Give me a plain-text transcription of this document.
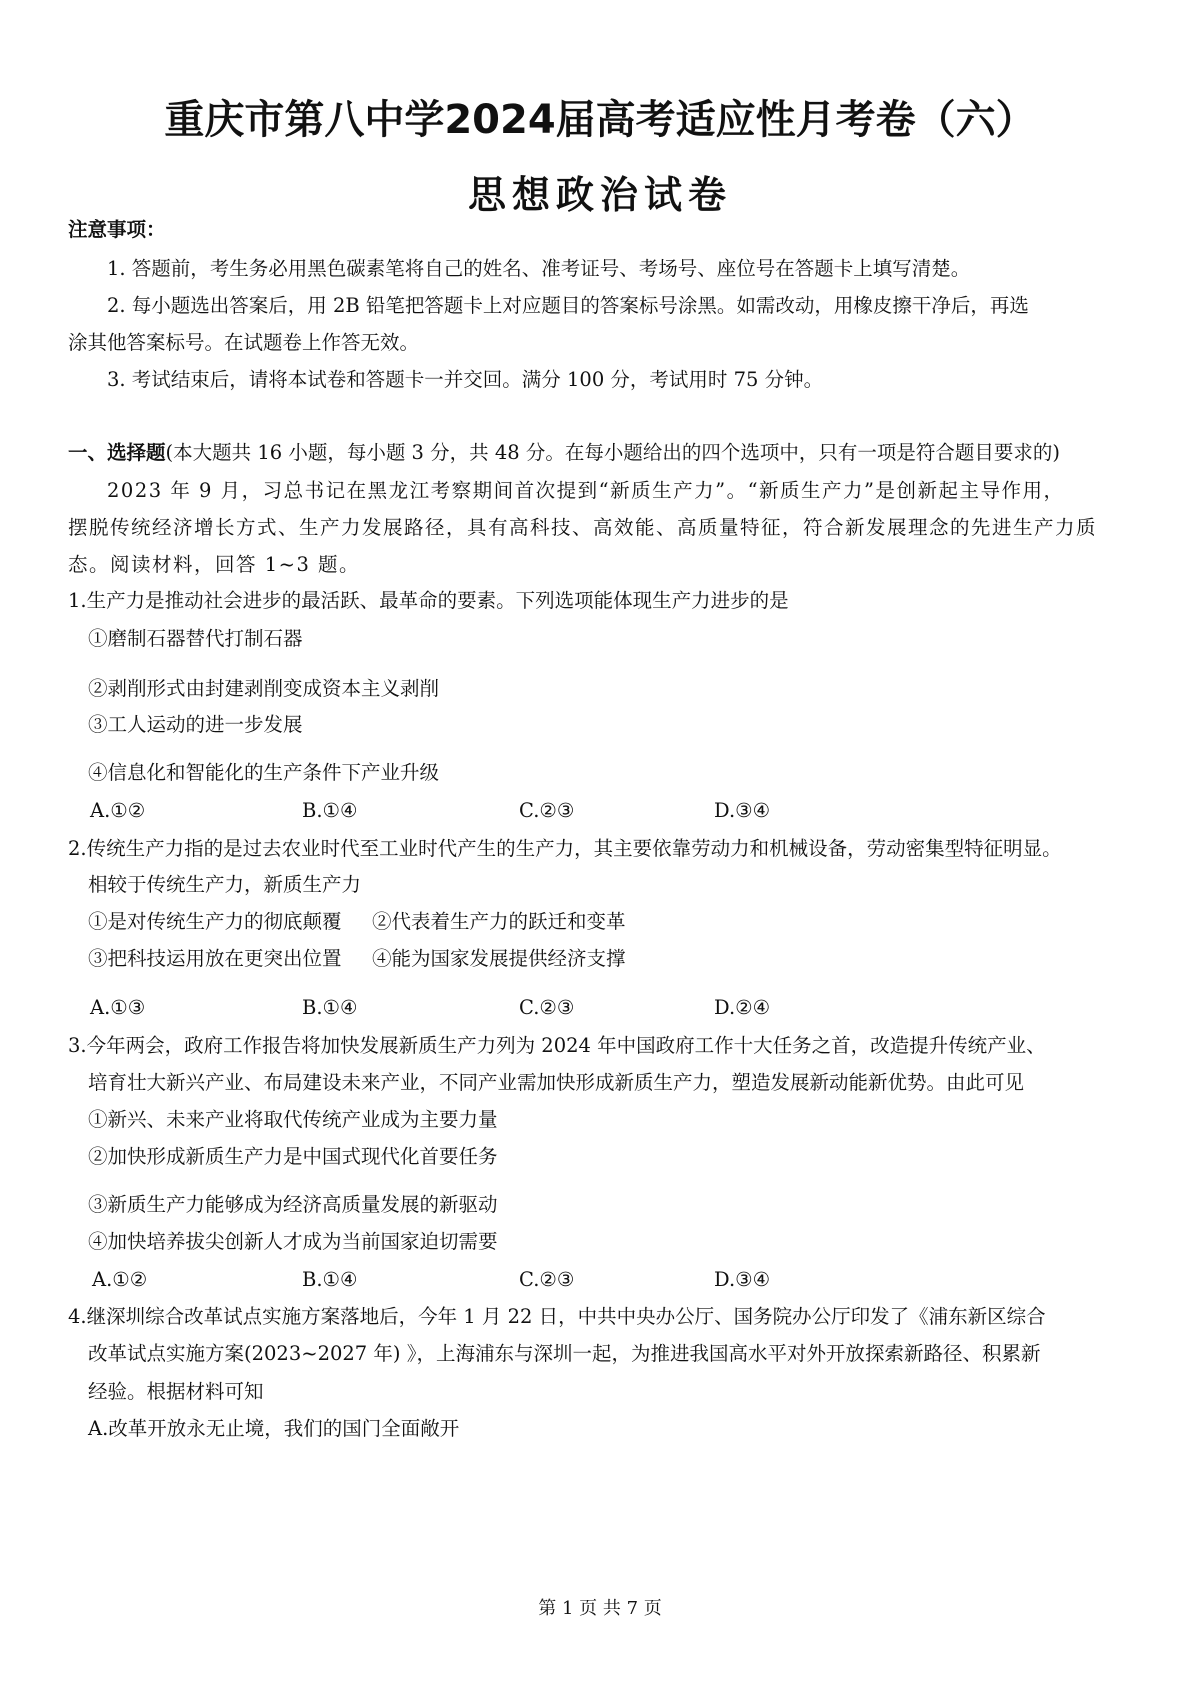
重庆市第八中学2024届高考适应性月考卷（六）
思想政治试卷
注意事项：
1. 答题前，考生务必用黑色碳素笔将自己的姓名、准考证号、考场号、座位号在答题卡上填写清楚。
2. 每小题选出答案后，用 2B 铅笔把答题卡上对应题目的答案标号涂黑。如需改动，用橡皮擦干净后，再选
涂其他答案标号。在试题卷上作答无效。
3. 考试结束后，请将本试卷和答题卡一并交回。满分 100 分，考试用时 75 分钟。
一、选择题(本大题共 16 小题，每小题 3 分，共 48 分。在每小题给出的四个选项中，只有一项是符合题目要求的)
2023 年 9 月，习总书记在黑龙江考察期间首次提到“新质生产力”。“新质生产力”是创新起主导作用，
摆脱传统经济增长方式、生产力发展路径，具有高科技、高效能、高质量特征，符合新发展理念的先进生产力质
态。阅读材料，回答 1~3 题。
1.生产力是推动社会进步的最活跃、最革命的要素。下列选项能体现生产力进步的是
①磨制石器替代打制石器
②剥削形式由封建剥削变成资本主义剥削
③工人运动的进一步发展
④信息化和智能化的生产条件下产业升级
A.①②	B.①④	C.②③	D.③④
2.传统生产力指的是过去农业时代至工业时代产生的生产力，其主要依靠劳动力和机械设备，劳动密集型特征明显。
相较于传统生产力，新质生产力
①是对传统生产力的彻底颠覆 ②代表着生产力的跃迁和变革
③把科技运用放在更突出位置 ④能为国家发展提供经济支撑
A.①③	B.①④	C.②③	D.②④
3.今年两会，政府工作报告将加快发展新质生产力列为 2024 年中国政府工作十大任务之首，改造提升传统产业、
培育壮大新兴产业、布局建设未来产业，不同产业需加快形成新质生产力，塑造发展新动能新优势。由此可见
①新兴、未来产业将取代传统产业成为主要力量
②加快形成新质生产力是中国式现代化首要任务
③新质生产力能够成为经济高质量发展的新驱动
④加快培养拔尖创新人才成为当前国家迫切需要
A.①②	B.①④	C.②③	D.③④
4.继深圳综合改革试点实施方案落地后，今年 1 月 22 日，中共中央办公厅、国务院办公厅印发了《浦东新区综合
改革试点实施方案(2023~2027 年) 》，上海浦东与深圳一起，为推进我国高水平对外开放探索新路径、积累新
经验。根据材料可知
A.改革开放永无止境，我们的国门全面敞开
第 1 页 共 7 页
